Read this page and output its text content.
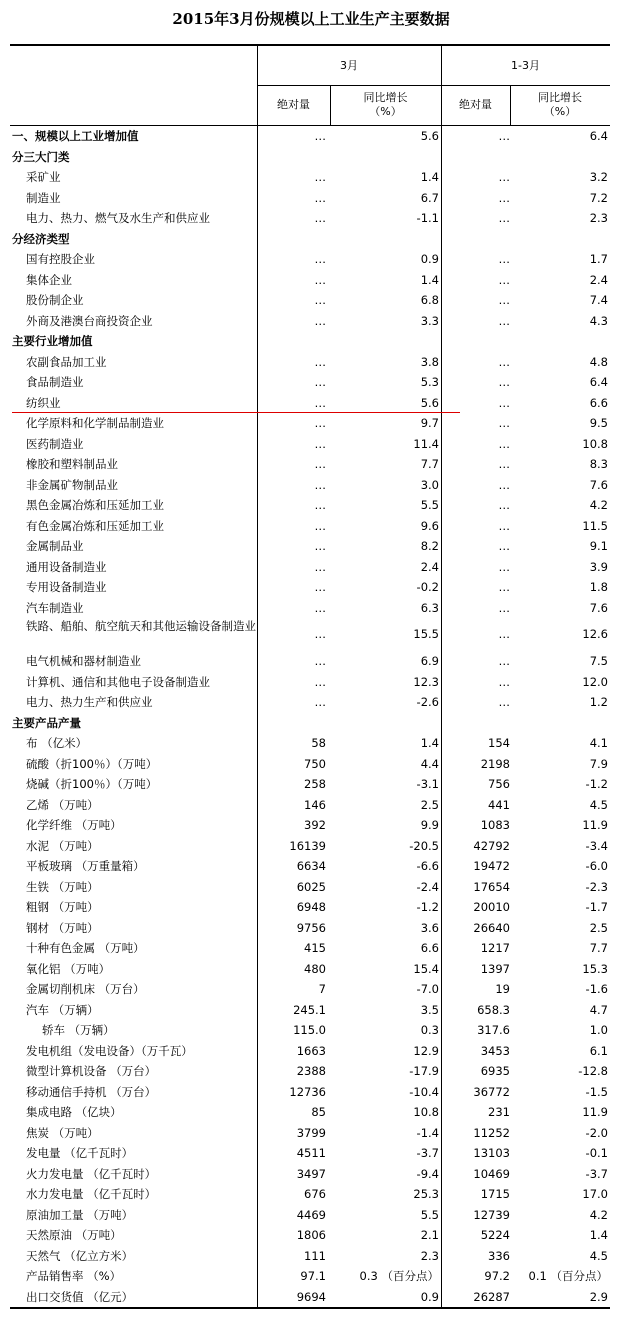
2015年3月份规模以上工业生产主要数据
3月	1-3月
绝对量
同比增长
（%）
绝对量
同比增长
（%）
一、规模以上工业增加值	…	5.6	…	6.4
分三大门类
采矿业	…	1.4	…	3.2
制造业	…	6.7	…	7.2
电力、热力、燃气及水生产和供应业	…	-1.1	…	2.3
分经济类型
国有控股企业	…	0.9	…	1.7
集体企业	…	1.4	…	2.4
股份制企业	…	6.8	…	7.4
外商及港澳台商投资企业	…	3.3	…	4.3
主要行业增加值
农副食品加工业	…	3.8	…	4.8
食品制造业	…	5.3	…	6.4
纺织业	…	5.6	…	6.6
化学原料和化学制品制造业	…	9.7	…	9.5
医药制造业	…	11.4	…	10.8
橡胶和塑料制品业	…	7.7	…	8.3
非金属矿物制品业	…	3.0	…	7.6
黑色金属冶炼和压延加工业	…	5.5	…	4.2
有色金属冶炼和压延加工业	…	9.6	…	11.5
金属制品业	…	8.2	…	9.1
通用设备制造业	…	2.4	…	3.9
专用设备制造业	…	-0.2	…	1.8
汽车制造业	…	6.3	…	7.6
铁路、船舶、航空航天和其他运输设备制造业
…	15.5	…	12.6
电气机械和器材制造业	…	6.9	…	7.5
计算机、通信和其他电子设备制造业	…	12.3	…	12.0
电力、热力生产和供应业	…	-2.6	…	1.2
主要产品产量
布 （亿米）	58	1.4	154	4.1
硫酸（折100％）（万吨）	750	4.4	2198	7.9
烧碱（折100％）（万吨）	258	-3.1	756	-1.2
乙烯 （万吨）	146	2.5	441	4.5
化学纤维 （万吨）	392	9.9	1083	11.9
水泥 （万吨）	16139	-20.5	42792	-3.4
平板玻璃 （万重量箱）	6634	-6.6	19472	-6.0
生铁 （万吨）	6025	-2.4	17654	-2.3
粗钢 （万吨）	6948	-1.2	20010	-1.7
钢材 （万吨）	9756	3.6	26640	2.5
十种有色金属 （万吨）	415	6.6	1217	7.7
氧化铝 （万吨）	480	15.4	1397	15.3
金属切削机床 （万台）	7	-7.0	19	-1.6
汽车 （万辆）	245.1	3.5	658.3	4.7
轿车 （万辆）	115.0	0.3	317.6	1.0
发电机组（发电设备）（万千瓦）	1663	12.9	3453	6.1
微型计算机设备 （万台）	2388	-17.9	6935	-12.8
移动通信手持机 （万台）	12736	-10.4	36772	-1.5
集成电路 （亿块）	85	10.8	231	11.9
焦炭 （万吨）	3799	-1.4	11252	-2.0
发电量 （亿千瓦时）	4511	-3.7	13103	-0.1
火力发电量 （亿千瓦时）	3497	-9.4	10469	-3.7
水力发电量 （亿千瓦时）	676	25.3	1715	17.0
原油加工量 （万吨）	4469	5.5	12739	4.2
天然原油 （万吨）	1806	2.1	5224	1.4
天然气 （亿立方米）	111	2.3	336	4.5
产品销售率 （%）	97.1	0.3 （百分点）	97.2	0.1 （百分点）
出口交货值 （亿元）	9694	0.9	26287	2.9
